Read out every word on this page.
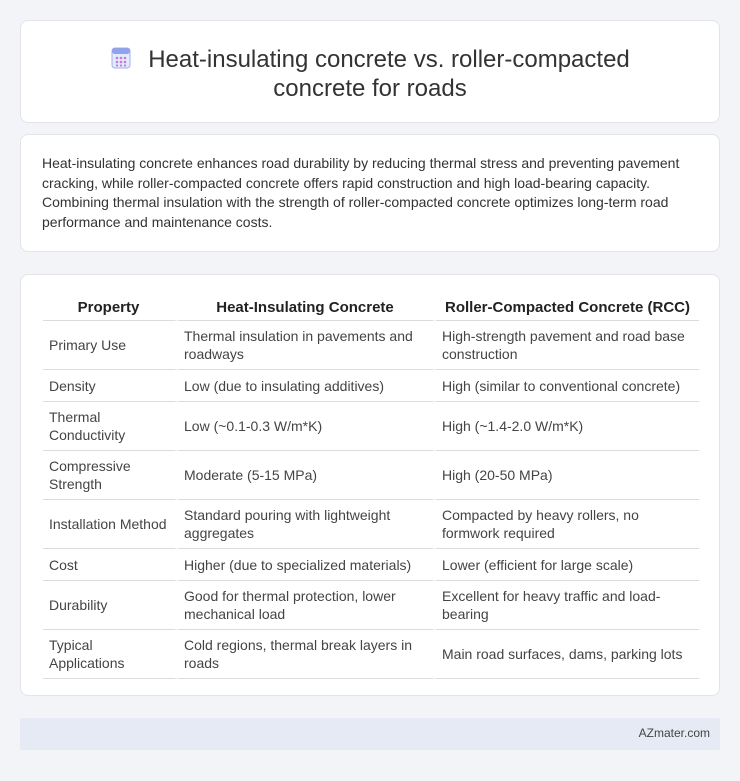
Heat-insulating concrete vs. roller-compacted concrete for roads

Heat-insulating concrete enhances road durability by reducing thermal stress and preventing pavement cracking, while roller-compacted concrete offers rapid construction and high load-bearing capacity. Combining thermal insulation with the strength of roller-compacted concrete optimizes long-term road performance and maintenance costs.

Property	Heat-Insulating Concrete	Roller-Compacted Concrete (RCC)
Primary Use	Thermal insulation in pavements and roadways	High-strength pavement and road base construction
Density	Low (due to insulating additives)	High (similar to conventional concrete)
Thermal Conductivity	Low (~0.1-0.3 W/m*K)	High (~1.4-2.0 W/m*K)
Compressive Strength	Moderate (5-15 MPa)	High (20-50 MPa)
Installation Method	Standard pouring with lightweight aggregates	Compacted by heavy rollers, no formwork required
Cost	Higher (due to specialized materials)	Lower (efficient for large scale)
Durability	Good for thermal protection, lower mechanical load	Excellent for heavy traffic and load-bearing
Typical Applications	Cold regions, thermal break layers in roads	Main road surfaces, dams, parking lots
AZmater.com
